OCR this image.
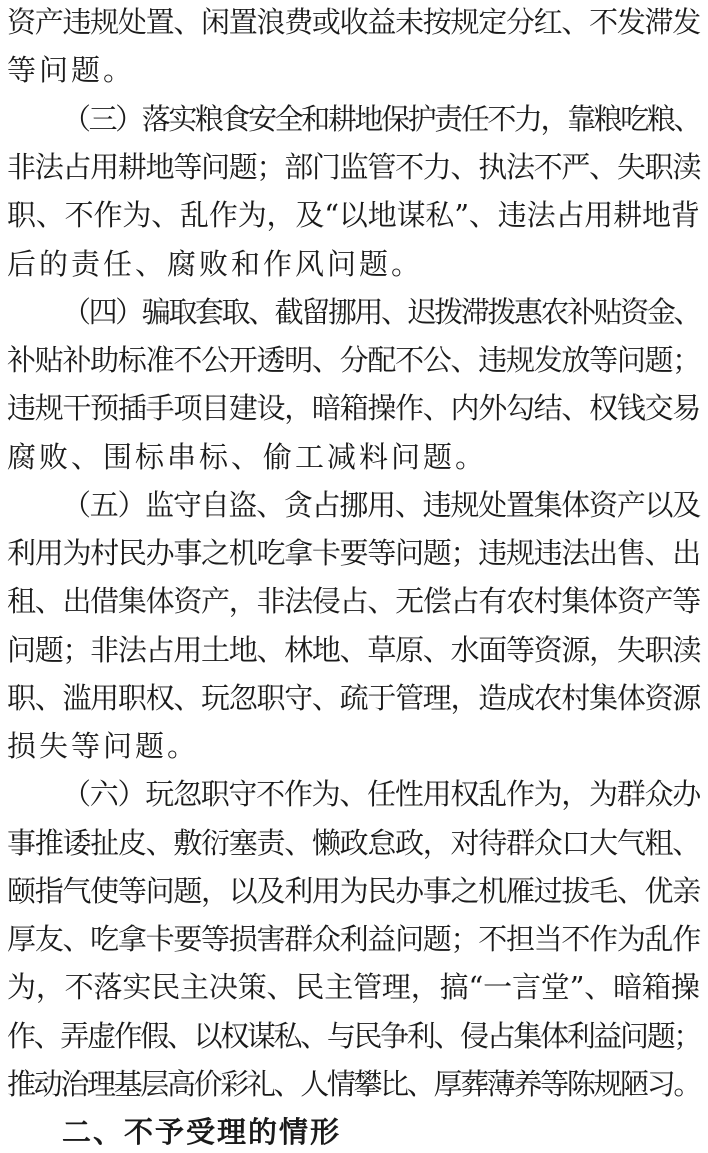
资产违规处置、闲置浪费或收益未按规定分红、不发滞发
等问题。
（三）落实粮食安全和耕地保护责任不力，靠粮吃粮、
非法占用耕地等问题；部门监管不力、执法不严、失职渎
职、不作为、乱作为，及“以地谋私”、违法占用耕地背
后的责任、腐败和作风问题。
（四）骗取套取、截留挪用、迟拨滞拨惠农补贴资金、
补贴补助标准不公开透明、分配不公、违规发放等问题；
违规干预插手项目建设，暗箱操作、内外勾结、权钱交易
腐败、围标串标、偷工减料问题。
（五）监守自盗、贪占挪用、违规处置集体资产以及
利用为村民办事之机吃拿卡要等问题；违规违法出售、出
租、出借集体资产，非法侵占、无偿占有农村集体资产等
问题；非法占用土地、林地、草原、水面等资源，失职渎
职、滥用职权、玩忽职守、疏于管理，造成农村集体资源
损失等问题。
（六）玩忽职守不作为、任性用权乱作为，为群众办
事推诿扯皮、敷衍塞责、懒政怠政，对待群众口大气粗、
颐指气使等问题，以及利用为民办事之机雁过拔毛、优亲
厚友、吃拿卡要等损害群众利益问题；不担当不作为乱作
为，不落实民主决策、民主管理，搞“一言堂”、暗箱操
作、弄虚作假、以权谋私、与民争利、侵占集体利益问题；
推动治理基层高价彩礼、人情攀比、厚葬薄养等陈规陋习。
二、不予受理的情形
